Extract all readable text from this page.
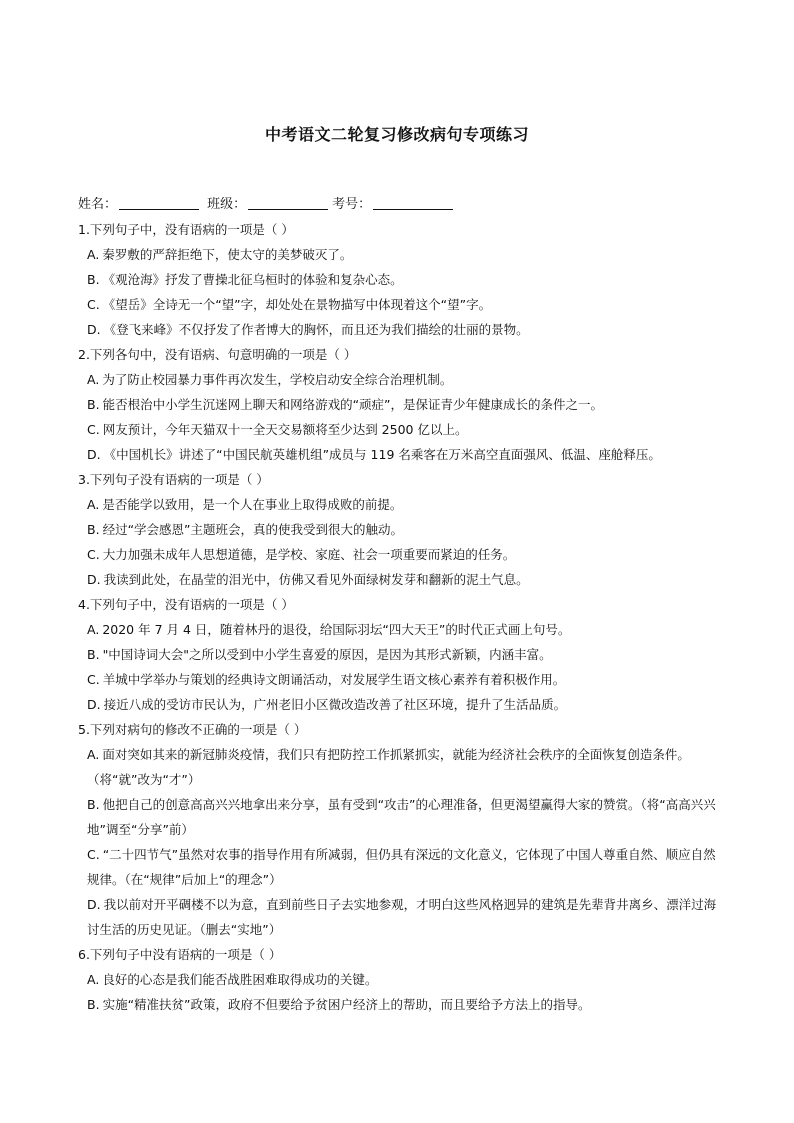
中考语文二轮复习修改病句专项练习
姓名：	班级：	考号：
1.下列句子中，没有语病的一项是（ ）
A. 秦罗敷的严辞拒绝下，使太守的美梦破灭了。
B. 《观沧海》抒发了曹操北征乌桓时的体验和复杂心态。
C. 《望岳》全诗无一个“望”字，却处处在景物描写中体现着这个“望”字。
D. 《登飞来峰》不仅抒发了作者博大的胸怀，而且还为我们描绘的壮丽的景物。
2.下列各句中，没有语病、句意明确的一项是（ ）
A. 为了防止校园暴力事件再次发生，学校启动安全综合治理机制。
B. 能否根治中小学生沉迷网上聊天和网络游戏的“顽症”，是保证青少年健康成长的条件之一。
C. 网友预计，今年天猫双十一全天交易额将至少达到 2500 亿以上。
D. 《中国机长》讲述了“中国民航英雄机组”成员与 119 名乘客在万米高空直面强风、低温、座舱释压。
3.下列句子没有语病的一项是（ ）
A. 是否能学以致用，是一个人在事业上取得成败的前提。
B. 经过“学会感恩”主题班会，真的使我受到很大的触动。
C. 大力加强未成年人思想道德，是学校、家庭、社会一项重要而紧迫的任务。
D. 我读到此处，在晶莹的泪光中，仿佛又看见外面绿树发芽和翻新的泥土气息。
4.下列句子中，没有语病的一项是（ ）
A. 2020 年 7 月 4 日，随着林丹的退役，给国际羽坛“四大天王”的时代正式画上句号。
B. "中国诗词大会"之所以受到中小学生喜爱的原因，是因为其形式新颖，内涵丰富。
C. 羊城中学举办与策划的经典诗文朗诵活动，对发展学生语文核心素养有着积极作用。
D. 接近八成的受访市民认为，广州老旧小区微改造改善了社区环境，提升了生活品质。
5.下列对病句的修改不正确的一项是（ ）
A. 面对突如其来的新冠肺炎疫情，我们只有把防控工作抓紧抓实，就能为经济社会秩序的全面恢复创造条件。（将“就”改为“才”）
B. 他把自己的创意高高兴兴地拿出来分享，虽有受到“攻击”的心理准备，但更渴望赢得大家的赞赏。（将“高高兴兴地”调至“分享”前）
C. “二十四节气”虽然对农事的指导作用有所减弱，但仍具有深远的文化意义，它体现了中国人尊重自然、顺应自然规律。（在“规律”后加上“的理念”）
D. 我以前对开平碉楼不以为意，直到前些日子去实地参观，才明白这些风格迥异的建筑是先辈背井离乡、漂洋过海讨生活的历史见证。（删去“实地”）
6.下列句子中没有语病的一项是（ ）
A. 良好的心态是我们能否战胜困难取得成功的关键。
B. 实施“精准扶贫”政策，政府不但要给予贫困户经济上的帮助，而且要给予方法上的指导。
